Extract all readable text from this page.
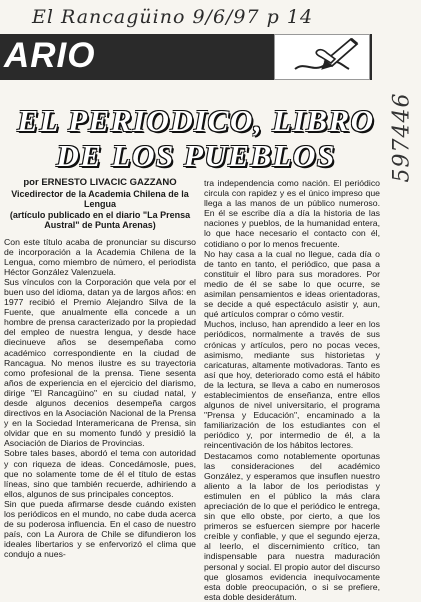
El Rancagüino 9/6/97 p 14
ARIO
597446
EL PERIODICO, LIBRO
DE LOS PUEBLOS
por ERNESTO LIVACIC GAZZANO
Vicedirector de la Academia Chilena de la Lengua
(artículo publicado en el diario "La Prensa Austral" de Punta Arenas)

Con este título acaba de pronunciar su discurso de incorporación a la Academia Chilena de la Lengua, como miembro de número, el periodista Héctor González Valenzuela.

Sus vínculos con la Corporación que vela por el buen uso del idioma, datan ya de largos años: en 1977 recibió el Premio Alejandro Silva de la Fuente, que anualmente ella concede a un hombre de prensa caracterizado por la propiedad del empleo de nuestra lengua, y desde hace diecinueve años se desempeñaba como académico correspondiente en la ciudad de Rancagua. No menos ilustre es su trayectoria como profesional de la prensa. Tiene sesenta años de experiencia en el ejercicio del diarismo, dirige "El Rancagüino" en su ciudad natal, y desde algunos decenios desempeña cargos directivos en la Asociación Nacional de la Prensa y en la Sociedad Interamericana de Prensa, sin olvidar que en su momento fundó y presidió la Asociación de Diarios de Provincias.

Sobre tales bases, abordó el tema con autoridad y con riqueza de ideas. Concedámosle, pues, que no solamente tome de él el título de estas líneas, sino que también recuerde, adhiriendo a ellos, algunos de sus principales conceptos.

Sin que pueda afirmarse desde cuándo existen los periódicos en el mundo, no cabe duda acerca de su poderosa influencia. En el caso de nuestro país, con La Aurora de Chile se difundieron los ideales libertarios y se enfervorizó el clima que condujo a nues-

tra independencia como nación. El periódico circula con rapidez y es el único impreso que llega a las manos de un público numeroso. En él se escribe día a día la historia de las naciones y pueblos, de la humanidad entera, lo que hace necesario el contacto con él, cotidiano o por lo menos frecuente.

No hay casa a la cual no llegue, cada día o de tanto en tanto, el periódico, que pasa a constituir el libro para sus moradores. Por medio de él se sabe lo que ocurre, se asimilan pensamientos e ideas orientadoras, se decide a qué espectáculo asistir y, aun, qué artículos comprar o cómo vestir.

Muchos, incluso, han aprendido a leer en los periódicos, normalmente a través de sus crónicas y artículos, pero no pocas veces, asimismo, mediante sus historietas y caricaturas, altamente motivadoras. Tanto es así que hoy, deteriorado como está el hábito de la lectura, se lleva a cabo en numerosos establecimientos de enseñanza, entre ellos algunos de nivel universitario, el programa "Prensa y Educación", encaminado a la familiarización de los estudiantes con el periódico y, por intermedio de él, a la reincentivación de los hábitos lectores.

Destacamos como notablemente oportunas las consideraciones del académico González, y esperamos que insuflen nuestro aliento a la labor de los periodistas y estimulen en el público la más clara apreciación de lo que el periódico le entrega, sin que ello obste, por cierto, a que los primeros se esfuercen siempre por hacerle creíble y confiable, y que el segundo ejerza, al leerlo, el discernimiento crítico, tan indispensable para nuestra maduración personal y social. El propio autor del discurso que glosamos evidencia inequívocamente esta doble preocupación, o si se prefiere, esta doble desiderátum.
